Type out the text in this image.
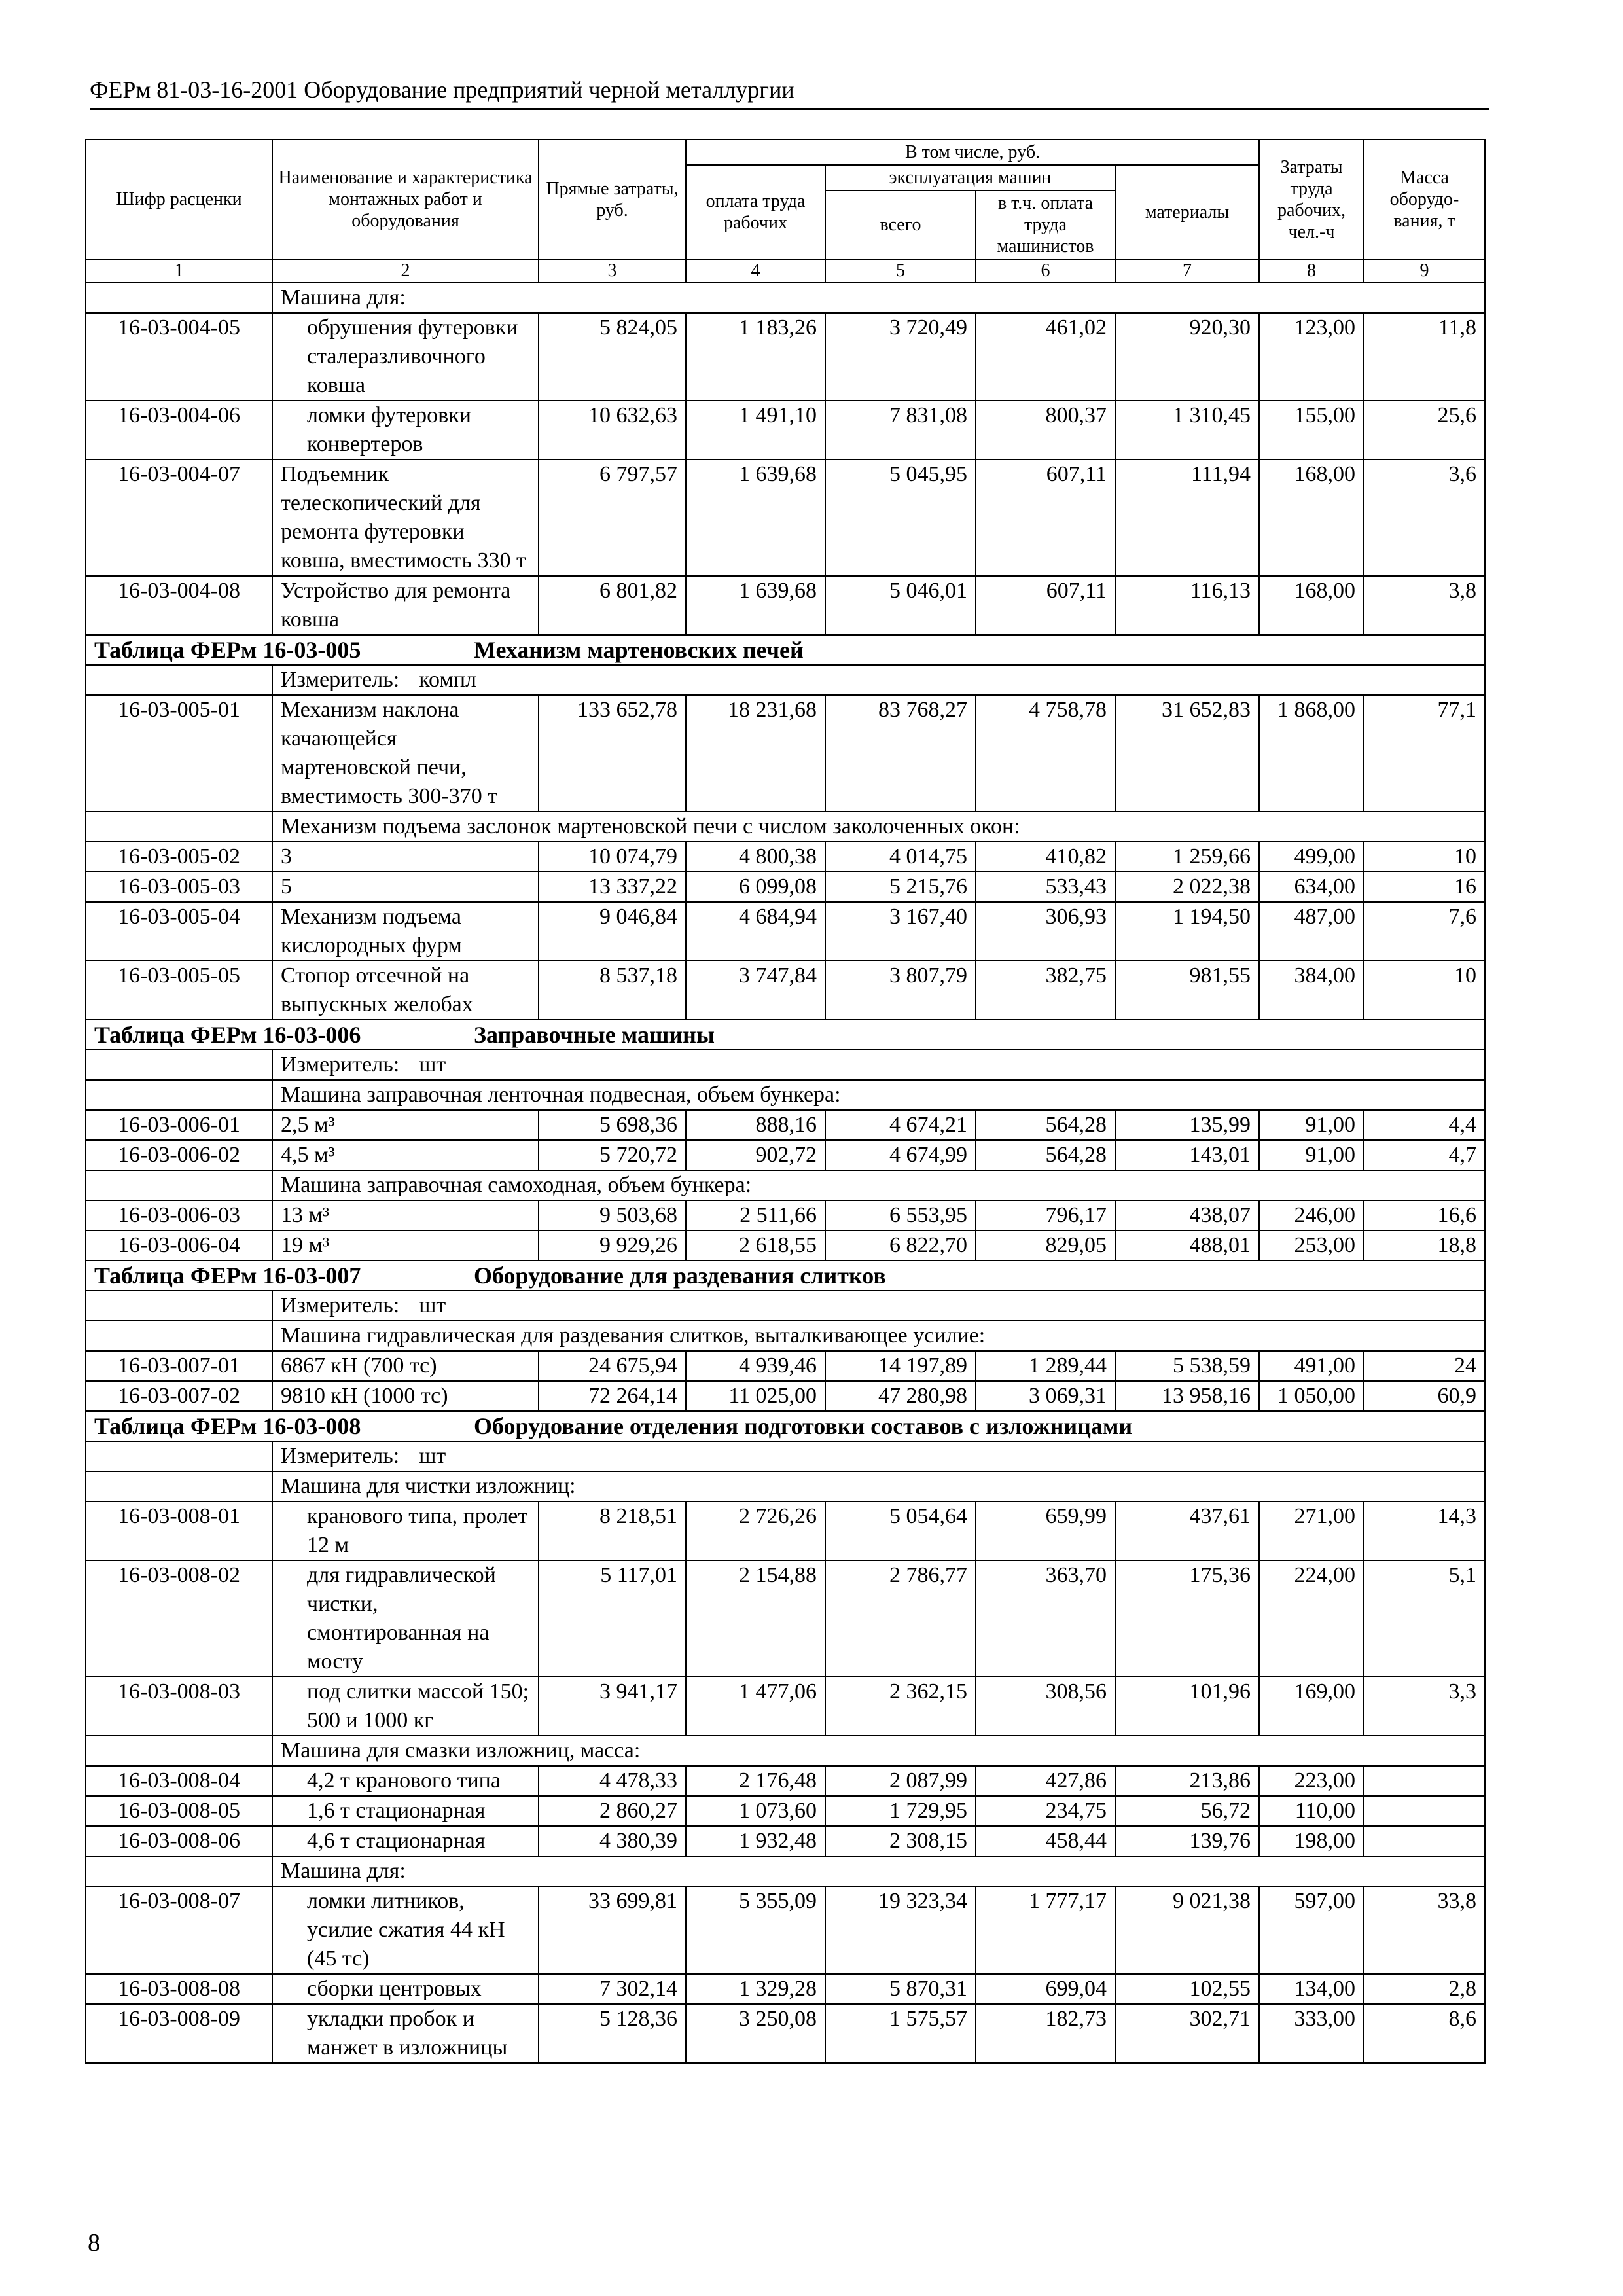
ФЕРм 81-03-16-2001 Оборудование предприятий черной металлургии
Шифр расценки	Наименование и характеристика монтажных работ и оборудования	Прямые затраты, руб.	В том числе, руб.				Затраты труда рабочих, чел.-ч	Масса оборудо-вания, т
			оплата труда рабочих	эксплуатация машин		материалы		
				всего	в т.ч. оплата труда машинистов			
1	2	3	4	5	6	7	8	9
	Машина для:							
16-03-004-05	обрушения футеровки сталеразливочного ковша	5 824,05	1 183,26	3 720,49	461,02	920,30	123,00	11,8
16-03-004-06	ломки футеровки конвертеров	10 632,63	1 491,10	7 831,08	800,37	1 310,45	155,00	25,6
16-03-004-07	Подъемник телескопический для ремонта футеровки ковша, вместимость 330 т	6 797,57	1 639,68	5 045,95	607,11	111,94	168,00	3,6
16-03-004-08	Устройство для ремонта ковша	6 801,82	1 639,68	5 046,01	607,11	116,13	168,00	3,8
Таблица ФЕРм 16-03-005 Механизм мартеновских печей								
	Измеритель: компл							
16-03-005-01	Механизм наклона качающейся мартеновской печи, вместимость 300-370 т	133 652,78	18 231,68	83 768,27	4 758,78	31 652,83	1 868,00	77,1
	Механизм подъема заслонок мартеновской печи с числом заколоченных окон:							
16-03-005-02	3	10 074,79	4 800,38	4 014,75	410,82	1 259,66	499,00	10
16-03-005-03	5	13 337,22	6 099,08	5 215,76	533,43	2 022,38	634,00	16
16-03-005-04	Механизм подъема кислородных фурм	9 046,84	4 684,94	3 167,40	306,93	1 194,50	487,00	7,6
16-03-005-05	Стопор отсечной на выпускных желобах	8 537,18	3 747,84	3 807,79	382,75	981,55	384,00	10
Таблица ФЕРм 16-03-006 Заправочные машины								
	Измеритель: шт							
	Машина заправочная ленточная подвесная, объем бункера:							
16-03-006-01	2,5 м³	5 698,36	888,16	4 674,21	564,28	135,99	91,00	4,4
16-03-006-02	4,5 м³	5 720,72	902,72	4 674,99	564,28	143,01	91,00	4,7
	Машина заправочная самоходная, объем бункера:							
16-03-006-03	13 м³	9 503,68	2 511,66	6 553,95	796,17	438,07	246,00	16,6
16-03-006-04	19 м³	9 929,26	2 618,55	6 822,70	829,05	488,01	253,00	18,8
Таблица ФЕРм 16-03-007 Оборудование для раздевания слитков								
	Измеритель: шт							
	Машина гидравлическая для раздевания слитков, выталкивающее усилие:							
16-03-007-01	6867 кН (700 тс)	24 675,94	4 939,46	14 197,89	1 289,44	5 538,59	491,00	24
16-03-007-02	9810 кН (1000 тс)	72 264,14	11 025,00	47 280,98	3 069,31	13 958,16	1 050,00	60,9
Таблица ФЕРм 16-03-008 Оборудование отделения подготовки составов с изложницами								
	Измеритель: шт							
	Машина для чистки изложниц:							
16-03-008-01	кранового типа, пролет 12 м	8 218,51	2 726,26	5 054,64	659,99	437,61	271,00	14,3
16-03-008-02	для гидравлической чистки, смонтированная на мосту	5 117,01	2 154,88	2 786,77	363,70	175,36	224,00	5,1
16-03-008-03	под слитки массой 150; 500 и 1000 кг	3 941,17	1 477,06	2 362,15	308,56	101,96	169,00	3,3
	Машина для смазки изложниц, масса:							
16-03-008-04	4,2 т кранового типа	4 478,33	2 176,48	2 087,99	427,86	213,86	223,00	
16-03-008-05	1,6 т стационарная	2 860,27	1 073,60	1 729,95	234,75	56,72	110,00	
16-03-008-06	4,6 т стационарная	4 380,39	1 932,48	2 308,15	458,44	139,76	198,00	
	Машина для:							
16-03-008-07	ломки литников, усилие сжатия 44 кН (45 тс)	33 699,81	5 355,09	19 323,34	1 777,17	9 021,38	597,00	33,8
16-03-008-08	сборки центровых	7 302,14	1 329,28	5 870,31	699,04	102,55	134,00	2,8
16-03-008-09	укладки пробок и манжет в изложницы	5 128,36	3 250,08	1 575,57	182,73	302,71	333,00	8,6
8
